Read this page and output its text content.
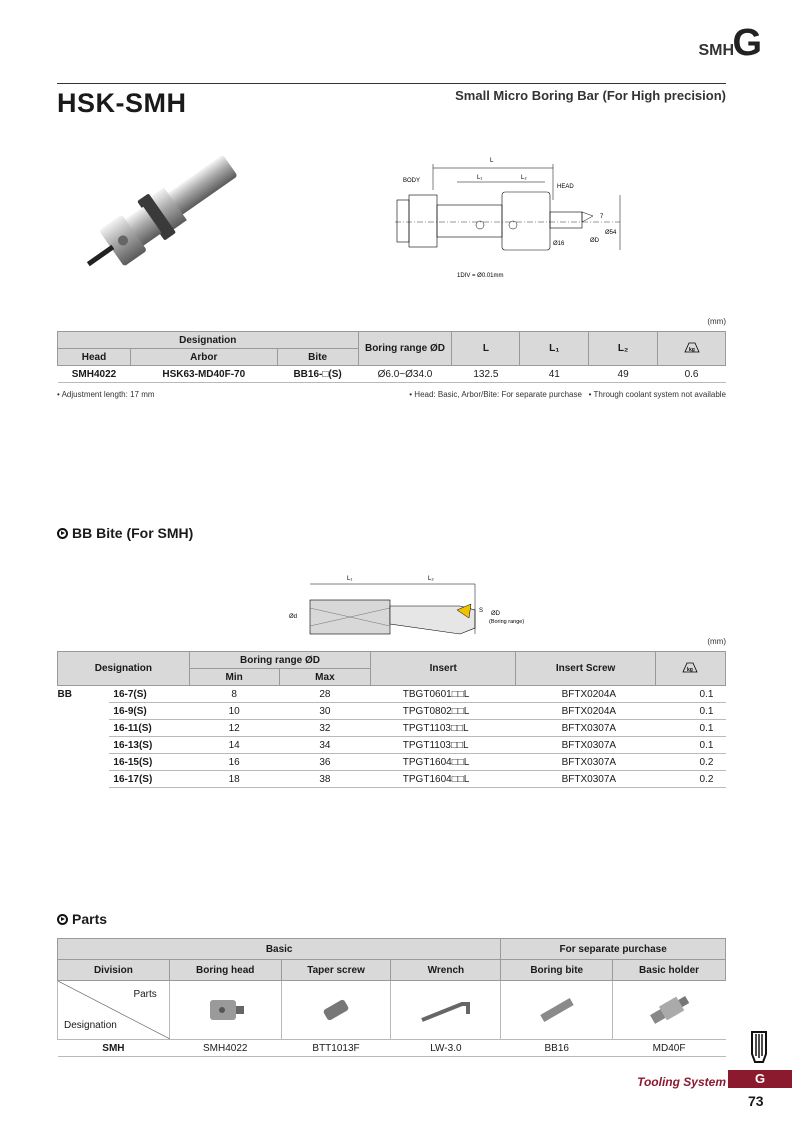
SMH
G
HSK-SMH	Small Micro Boring Bar (For High precision)
L
L₁	L₂
BODY
HEAD
7
Ø16
Ø54
ØD
1DIV = Ø0.01mm
(mm)
Designation			Boring range ØD	L	L₁	L₂	kg

Head	Arbor	Bite					
SMH4022	HSK63-MD40F-70	BB16-□(S)	Ø6.0~Ø34.0	132.5	41	49	0.6
• Adjustment length: 17 mm	• Head: Basic, Arbor/Bite: For separate purchase   • Through coolant system not available
BB Bite (For SMH)
L₁	L₂
Ød
S ØD
(Boring range)
(mm)
Designation		Boring range ØD		Insert	Insert Screw	kg

		Min	Max			
BB	16-7(S)	8	28	TBGT0601□□L	BFTX0204A	0.1
	16-9(S)	10	30	TPGT0802□□L	BFTX0204A	0.1
	16-11(S)	12	32	TPGT1103□□L	BFTX0307A	0.1
	16-13(S)	14	34	TPGT1103□□L	BFTX0307A	0.1
	16-15(S)	16	36	TPGT1604□□L	BFTX0307A	0.2
	16-17(S)	18	38	TPGT1604□□L	BFTX0307A	0.2
Parts
Basic				For separate purchase	
Division	Boring head	Taper screw	Wrench	Boring bite	Basic holder

Parts
Designation

SMH	SMH4022	BTT1013F	LW-3.0	BB16	MD40F
Tooling System	G
73
